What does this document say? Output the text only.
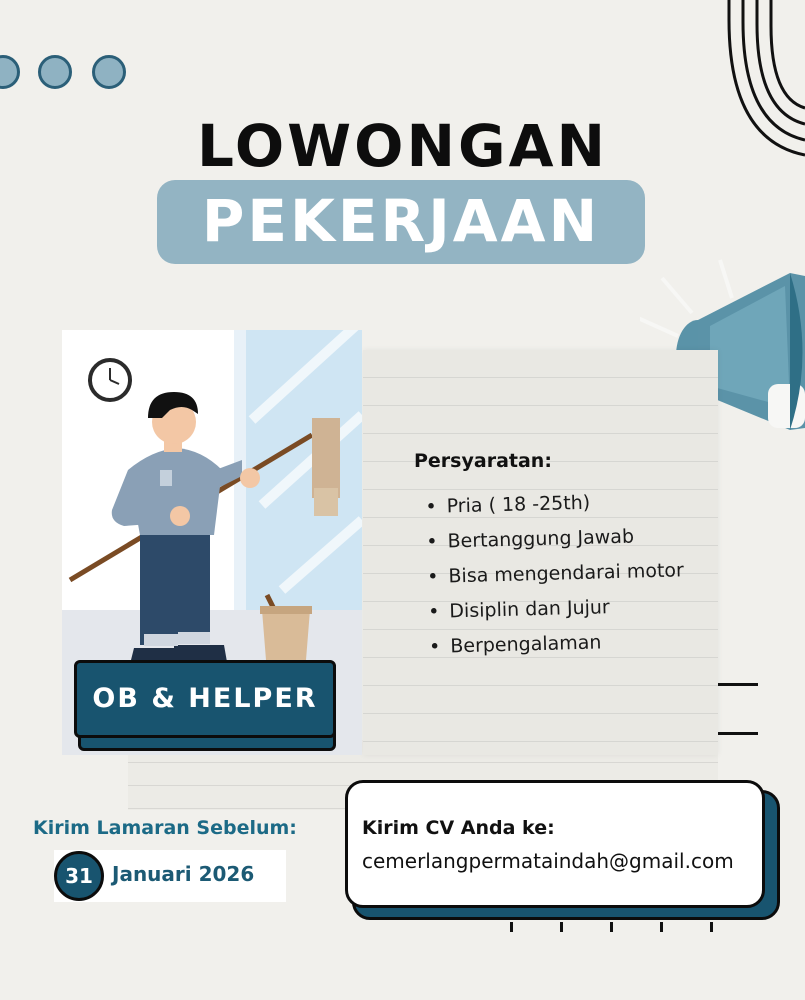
LOWONGAN
PEKERJAAN
Persyaratan:
• Pria ( 18 -25th)
• Bertanggung Jawab
• Bisa mengendarai motor
• Disiplin dan Jujur
• Berpengalaman
OB & HELPER
Kirim Lamaran Sebelum:
31 Januari 2026
Kirim CV Anda ke:
cemerlangpermataindah@gmail.com
